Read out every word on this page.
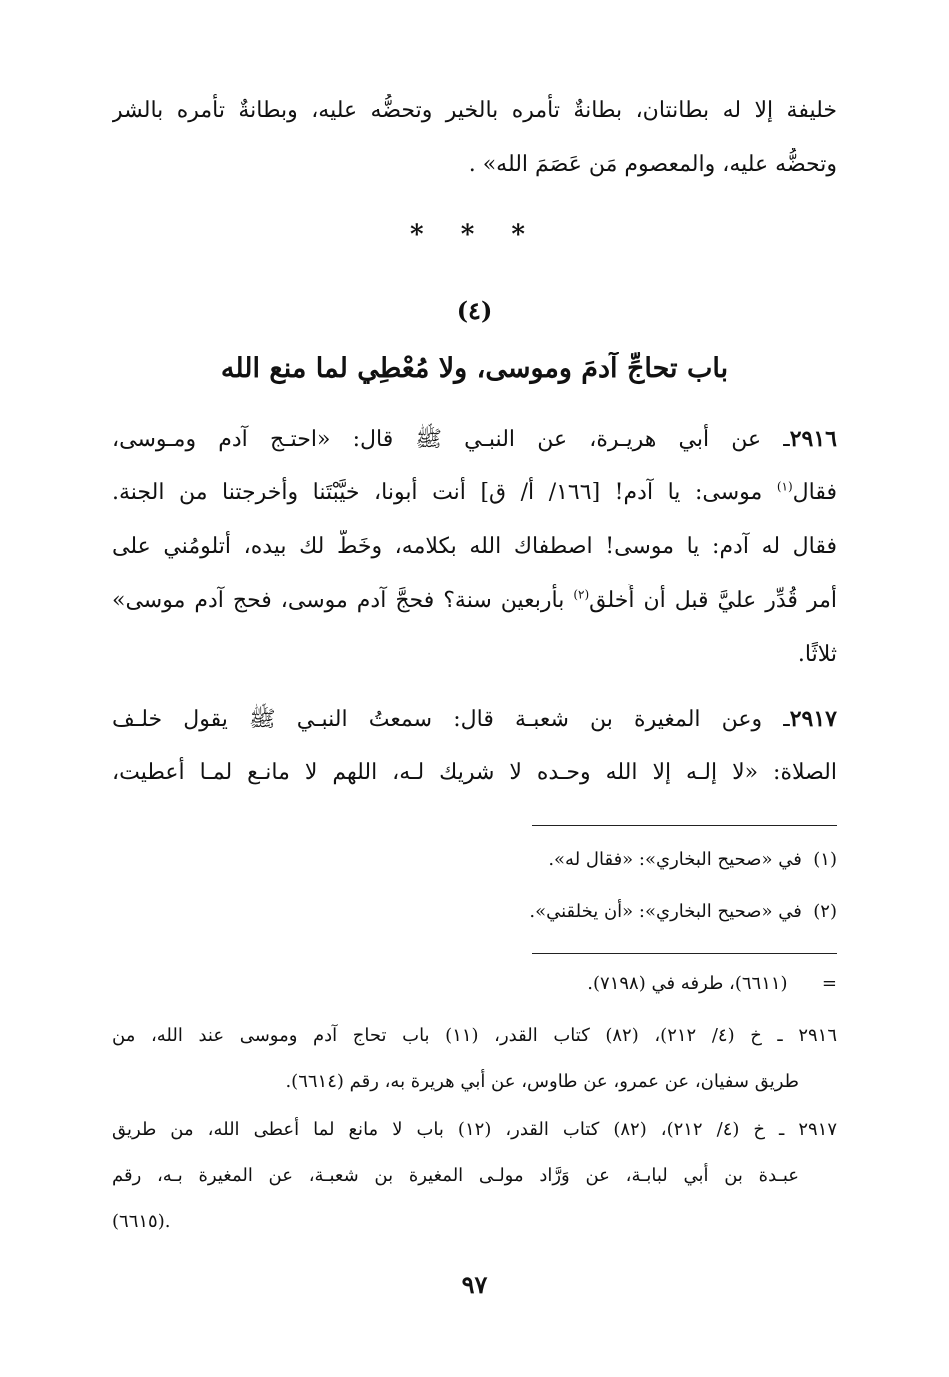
خليفة إلا له بطانتان، بطانةٌ تأمره بالخير وتحضُّه عليه، وبطانةٌ تأمره بالشر
وتحضُّه عليه، والمعصوم مَن عَصَمَ الله» .
* * *
(٤)
باب تحاجِّ آدمَ وموسى، ولا مُعْطِي لما منع الله
٢٩١٦ـ عن أبي هريـرة، عن النبـي ﷺ قال: «احتـج آدم ومـوسى،
فقال$^{(١)}$ موسى: يا آدم! [١٦٦/ أ/ ق] أنت أبونا، خيَّبْتَنا وأخرجتنا من الجنة.
فقال له آدم: يا موسى! اصطفاك الله بكلامه، وخَطَّ لك بيده، أتلومُني على
أمر قُدِّر عليَّ قبل أن أُخلق$^{(٢)}$ بأربعين سنة؟ فحجَّ آدم موسى، فحج آدم موسى»
ثلاثًا.
٢٩١٧ـ وعن المغيرة بن شعبـة قال: سمعتُ النبـي ﷺ يقول خلـف
الصلاة: «لا إلـه إلا الله وحـده لا شريك لـه، اللهم لا مانـع لمـا أعطيت،
(١)  في «صحيح البخاري»: «فقال له».
(٢)  في «صحيح البخاري»: «أن يخلقني».
=      (٦٦١١)، طرفه في (٧١٩٨).
٢٩١٦ ـ خ (٤/ ٢١٢)، (٨٢) كتاب القدر، (١١) باب تحاج آدم وموسى عند الله، من
طريق سفيان، عن عمرو، عن طاوس، عن أبي هريرة به، رقم (٦٦١٤).
٢٩١٧ ـ خ (٤/ ٢١٢)، (٨٢) كتاب القدر، (١٢) باب لا مانع لما أعطى الله، من طريق
عبـدة بن أبي لبابـة، عن وَرَّاد مولـى المغيرة بن شعبـة، عن المغيرة بـه، رقم
(٦٦١٥).
٩٧
